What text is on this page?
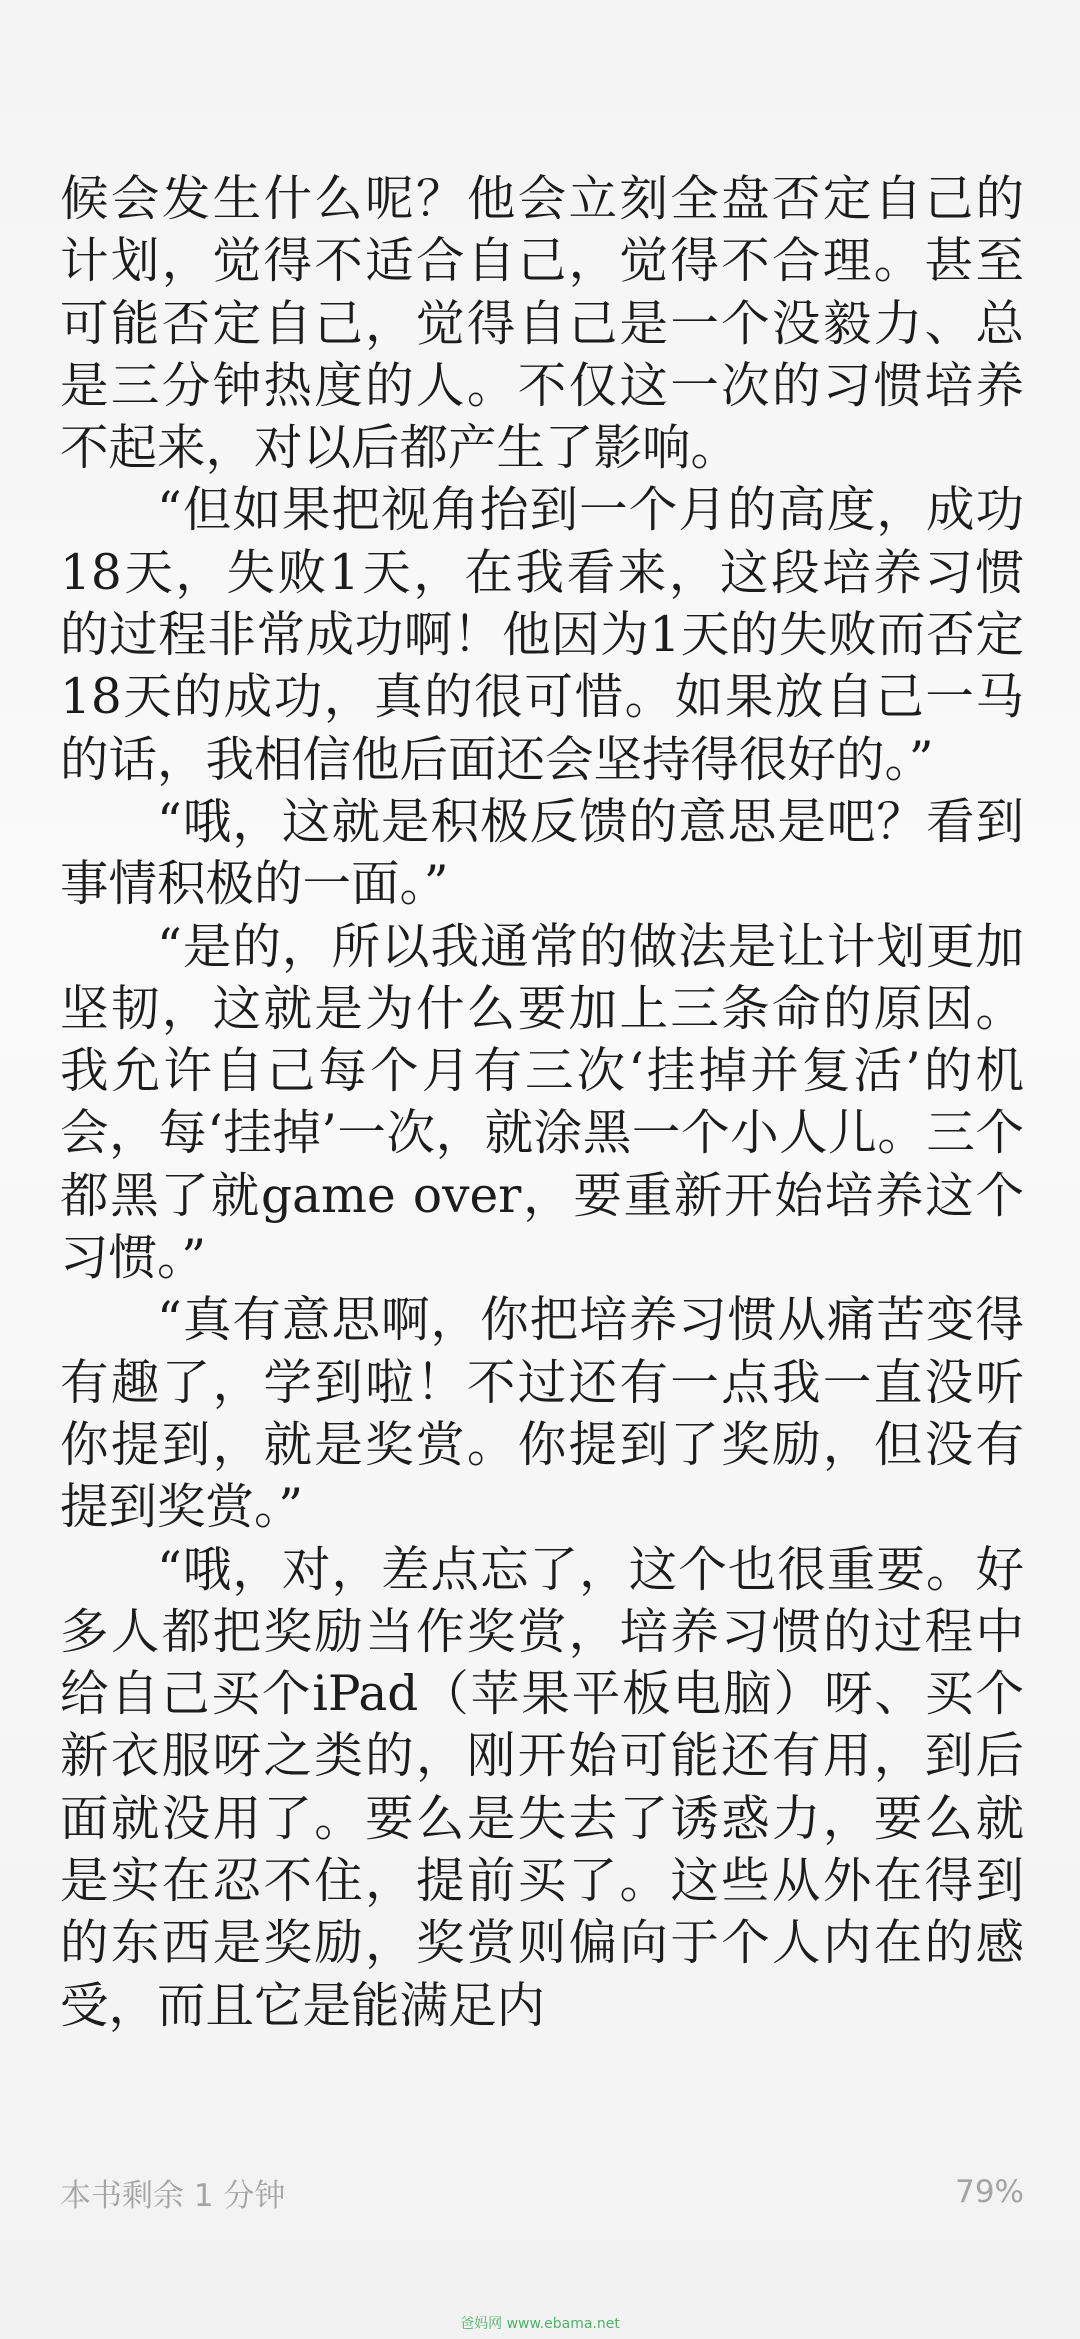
候会发生什么呢？他会立刻全盘否定自己的计划，觉得不适合自己，觉得不合理。甚至可能否定自己，觉得自己是一个没毅力、总是三分钟热度的人。不仅这一次的习惯培养不起来，对以后都产生了影响。

“但如果把视角抬到一个月的高度，成功18天，失败1天，在我看来，这段培养习惯的过程非常成功啊！他因为1天的失败而否定18天的成功，真的很可惜。如果放自己一马的话，我相信他后面还会坚持得很好的。”

“哦，这就是积极反馈的意思是吧？看到事情积极的一面。”

“是的，所以我通常的做法是让计划更加坚韧，这就是为什么要加上三条命的原因。我允许自己每个月有三次‘挂掉并复活’的机会，每‘挂掉’一次，就涂黑一个小人儿。三个都黑了就game over，要重新开始培养这个习惯。”

“真有意思啊，你把培养习惯从痛苦变得有趣了，学到啦！不过还有一点我一直没听你提到，就是奖赏。你提到了奖励，但没有提到奖赏。”

“哦，对，差点忘了，这个也很重要。好多人都把奖励当作奖赏，培养习惯的过程中给自己买个iPad（苹果平板电脑）呀、买个新衣服呀之类的，刚开始可能还有用，到后面就没用了。要么是失去了诱惑力，要么就是实在忍不住，提前买了。这些从外在得到的东西是奖励，奖赏则偏向于个人内在的感受，而且它是能满足内

本书剩余 1 分钟	79%
爸妈网 www.ebama.net
